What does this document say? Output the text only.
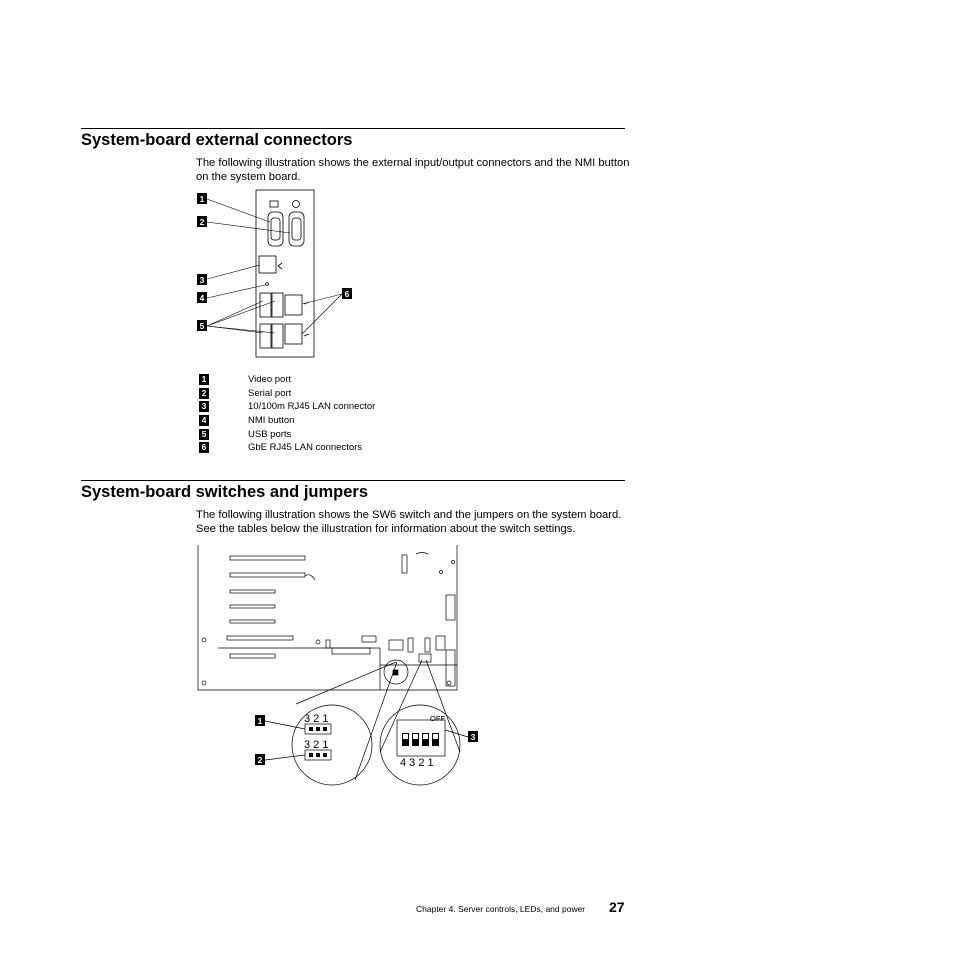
System-board external connectors

The following illustration shows the external input/output connectors and the NMI button on the system board.

1
2
3
4
5
6
1	Video port
2	Serial port
3	10/100m RJ45 LAN connector
4	NMI button
5	USB ports
6	GbE RJ45 LAN connectors
System-board switches and jumpers

The following illustration shows the SW6 switch and the jumpers on the system board. See the tables below the illustration for information about the switch settings.

3 2 1
3 2 1
OFF
4 3 2 1
1
2
3
Chapter 4. Server controls, LEDs, and power 27
